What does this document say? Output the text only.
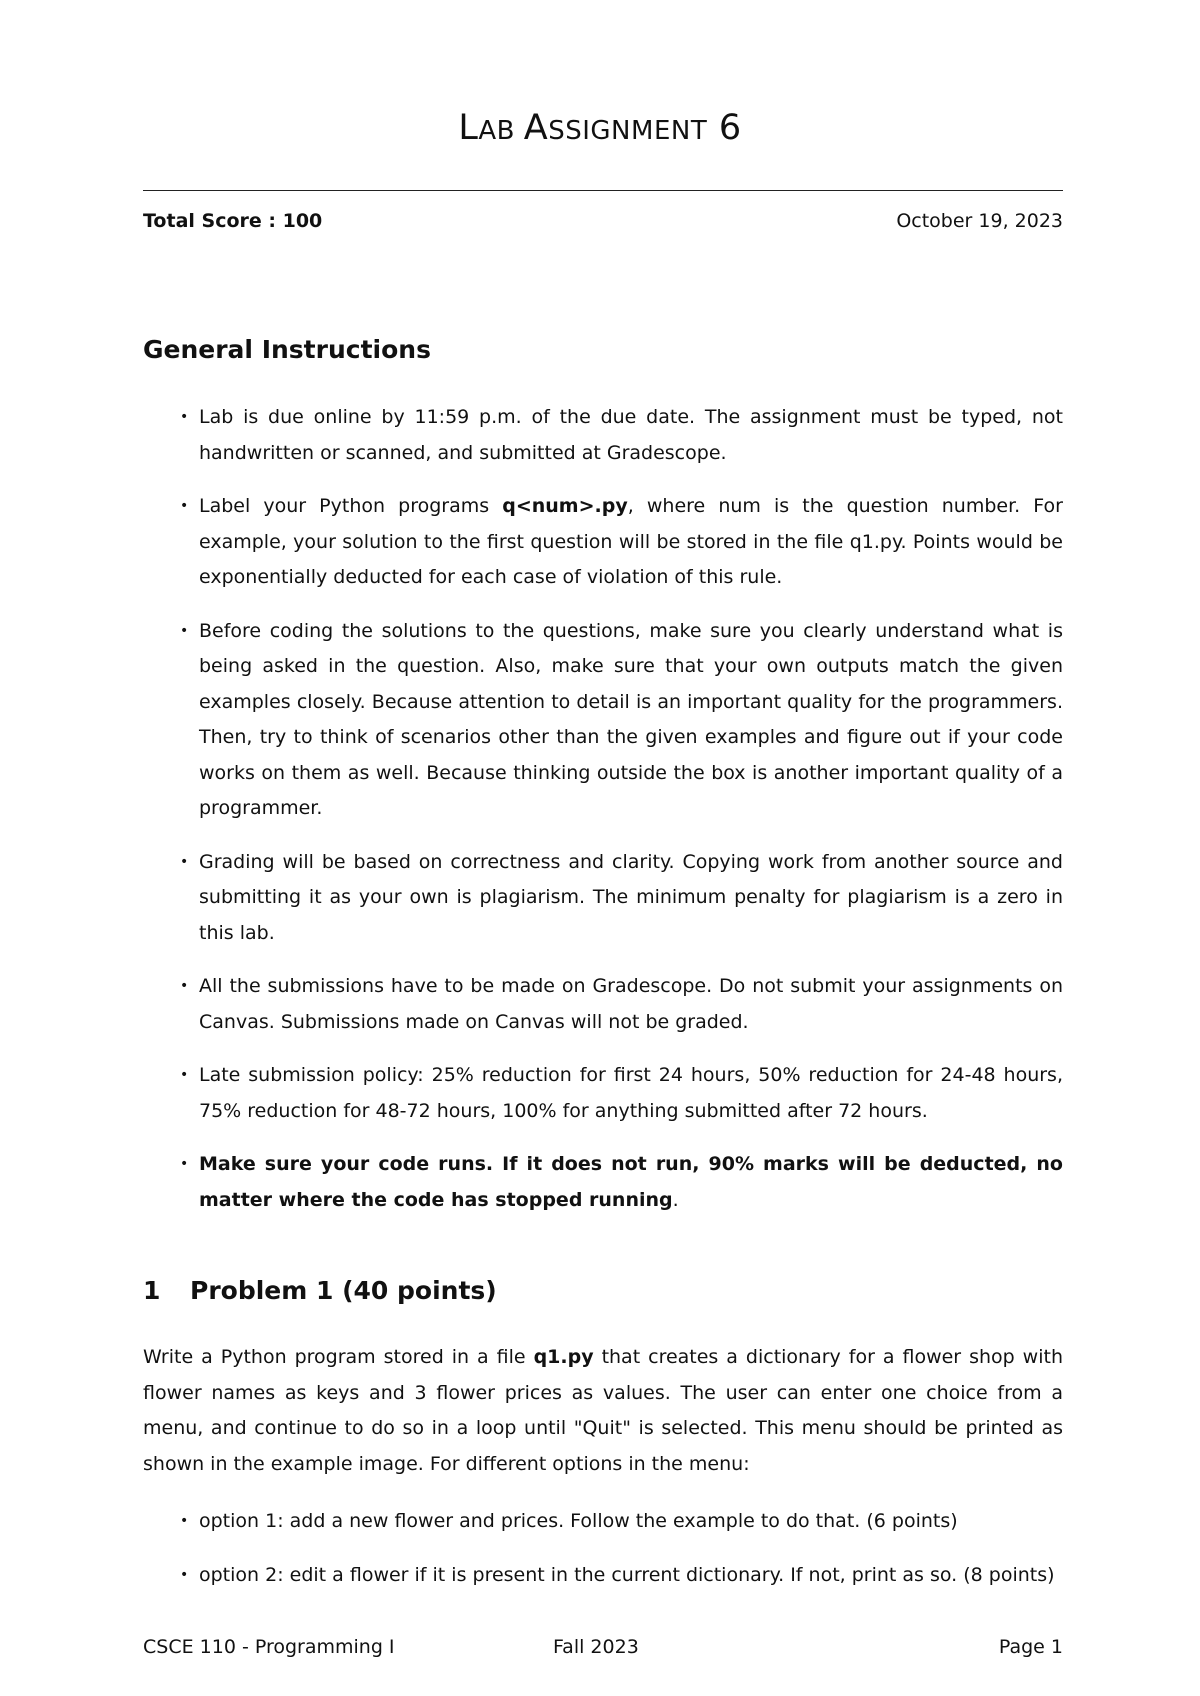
LAB ASSIGNMENT 6
Total Score : 100	October 19, 2023
General Instructions
• Lab is due online by 11:59 p.m. of the due date. The assignment must be typed, not handwritten or scanned, and submitted at Gradescope.
• Label your Python programs q<num>.py, where num is the question number. For example, your solution to the first question will be stored in the file q1.py. Points would be exponentially deducted for each case of violation of this rule.
• Before coding the solutions to the questions, make sure you clearly understand what is being asked in the question. Also, make sure that your own outputs match the given examples closely. Because attention to detail is an important quality for the programmers. Then, try to think of scenarios other than the given examples and figure out if your code works on them as well. Because thinking outside the box is another important quality of a programmer.
• Grading will be based on correctness and clarity. Copying work from another source and submitting it as your own is plagiarism. The minimum penalty for plagiarism is a zero in this lab.
• All the submissions have to be made on Gradescope. Do not submit your assignments on Canvas. Submissions made on Canvas will not be graded.
• Late submission policy: 25% reduction for first 24 hours, 50% reduction for 24-48 hours, 75% reduction for 48-72 hours, 100% for anything submitted after 72 hours.
• Make sure your code runs. If it does not run, 90% marks will be deducted, no matter where the code has stopped running.
1 Problem 1 (40 points)

Write a Python program stored in a file q1.py that creates a dictionary for a flower shop with flower names as keys and 3 flower prices as values. The user can enter one choice from a menu, and continue to do so in a loop until "Quit" is selected. This menu should be printed as shown in the example image. For different options in the menu:

• option 1: add a new flower and prices. Follow the example to do that. (6 points)
• option 2: edit a flower if it is present in the current dictionary. If not, print as so. (8 points)
CSCE 110 - Programming I	Fall 2023	Page 1
